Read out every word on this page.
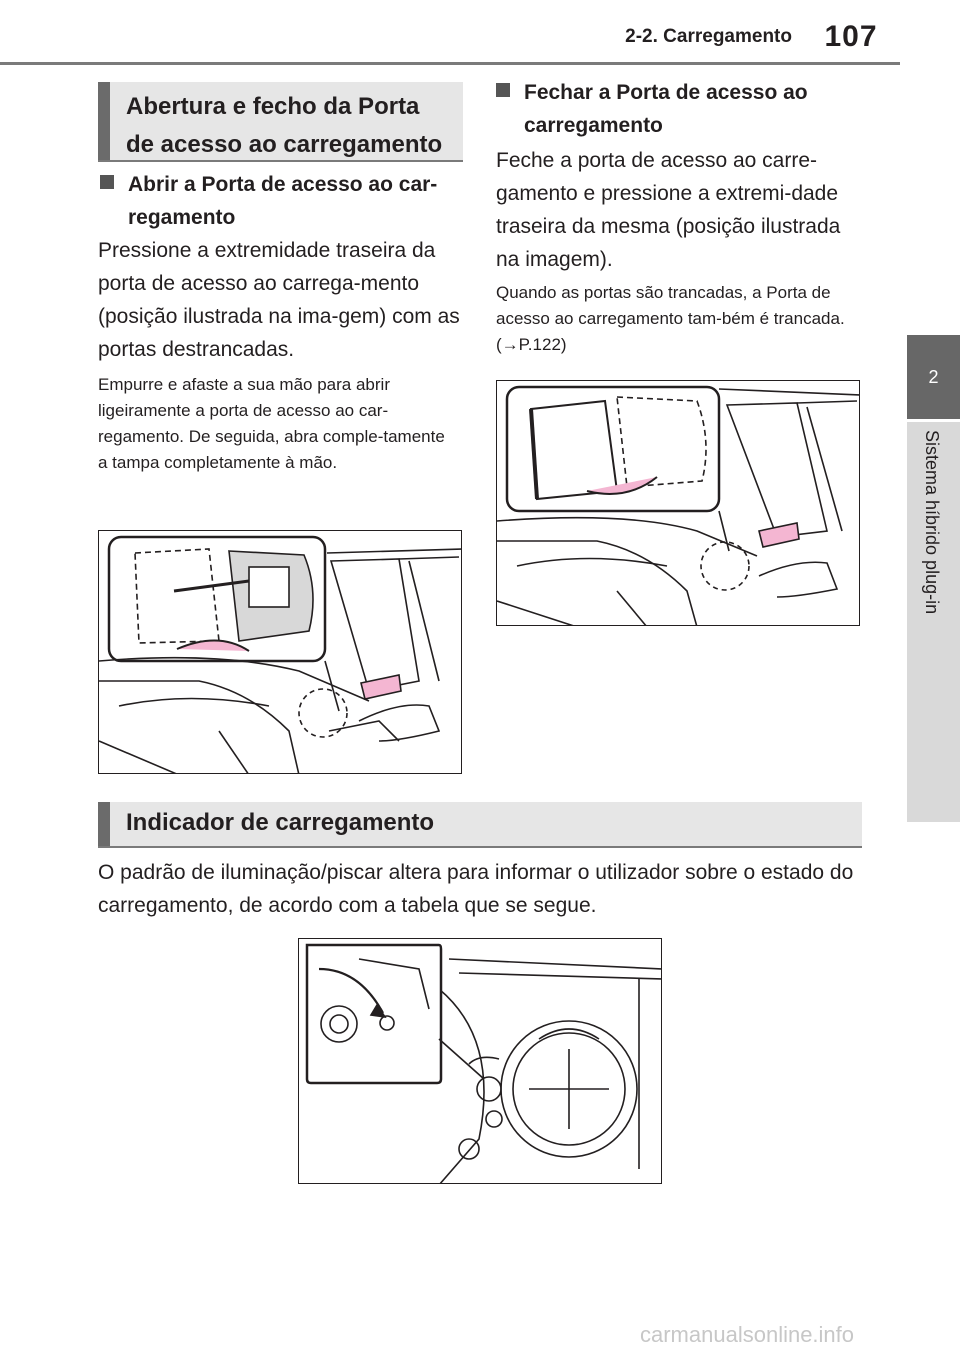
2-2. Carregamento	107
2
Sistema híbrido plug-in
Abertura e fecho da Porta de acesso ao carregamento
Abrir a Porta de acesso ao car-regamento
Pressione a extremidade traseira da porta de acesso ao carrega-mento (posição ilustrada na ima-gem) com as portas destrancadas.
Empurre e afaste a sua mão para abrir ligeiramente a porta de acesso ao car-regamento. De seguida, abra comple-tamente a tampa completamente à mão.
Fechar a Porta de acesso ao carregamento
Feche a porta de acesso ao carre-gamento e pressione a extremi-dade traseira da mesma (posição ilustrada na imagem).
Quando as portas são trancadas, a Porta de acesso ao carregamento tam-bém é trancada. (→P.122)
Indicador de carregamento
O padrão de iluminação/piscar altera para informar o utilizador sobre o estado do carregamento, de acordo com a tabela que se segue.
carmanualsonline.info
